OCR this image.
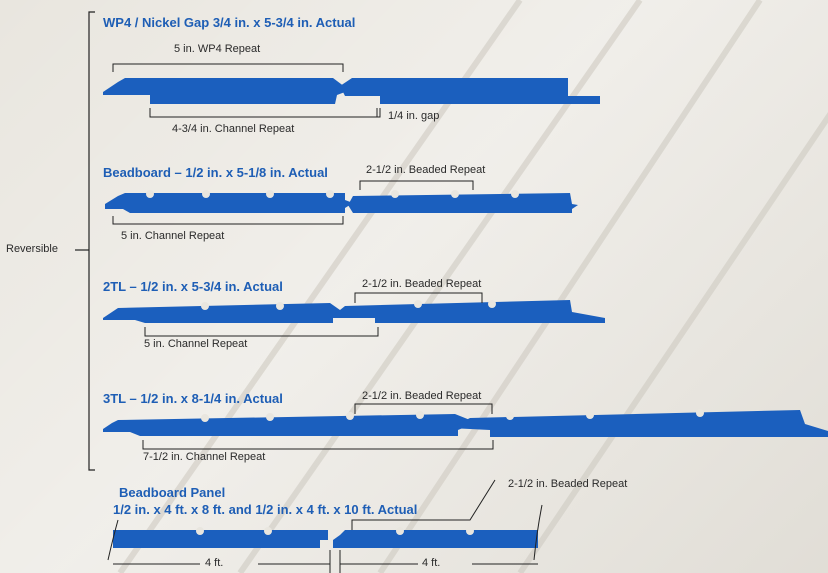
Reversible
WP4 / Nickel Gap 3/4 in. x 5-3/4 in. Actual
5 in. WP4 Repeat
4-3/4 in. Channel Repeat
1/4 in. gap
Beadboard – 1/2 in. x 5-1/8 in. Actual	2-1/2 in. Beaded Repeat
5 in. Channel Repeat
2TL – 1/2 in. x 5-3/4 in. Actual	2-1/2 in. Beaded Repeat
5 in. Channel Repeat
3TL – 1/2 in. x 8-1/4 in. Actual	2-1/2 in. Beaded Repeat
7-1/2 in. Channel Repeat
Beadboard Panel
1/2 in. x 4 ft. x 8 ft. and 1/2 in. x 4 ft. x 10 ft. Actual
2-1/2 in. Beaded Repeat
4 ft.	4 ft.
